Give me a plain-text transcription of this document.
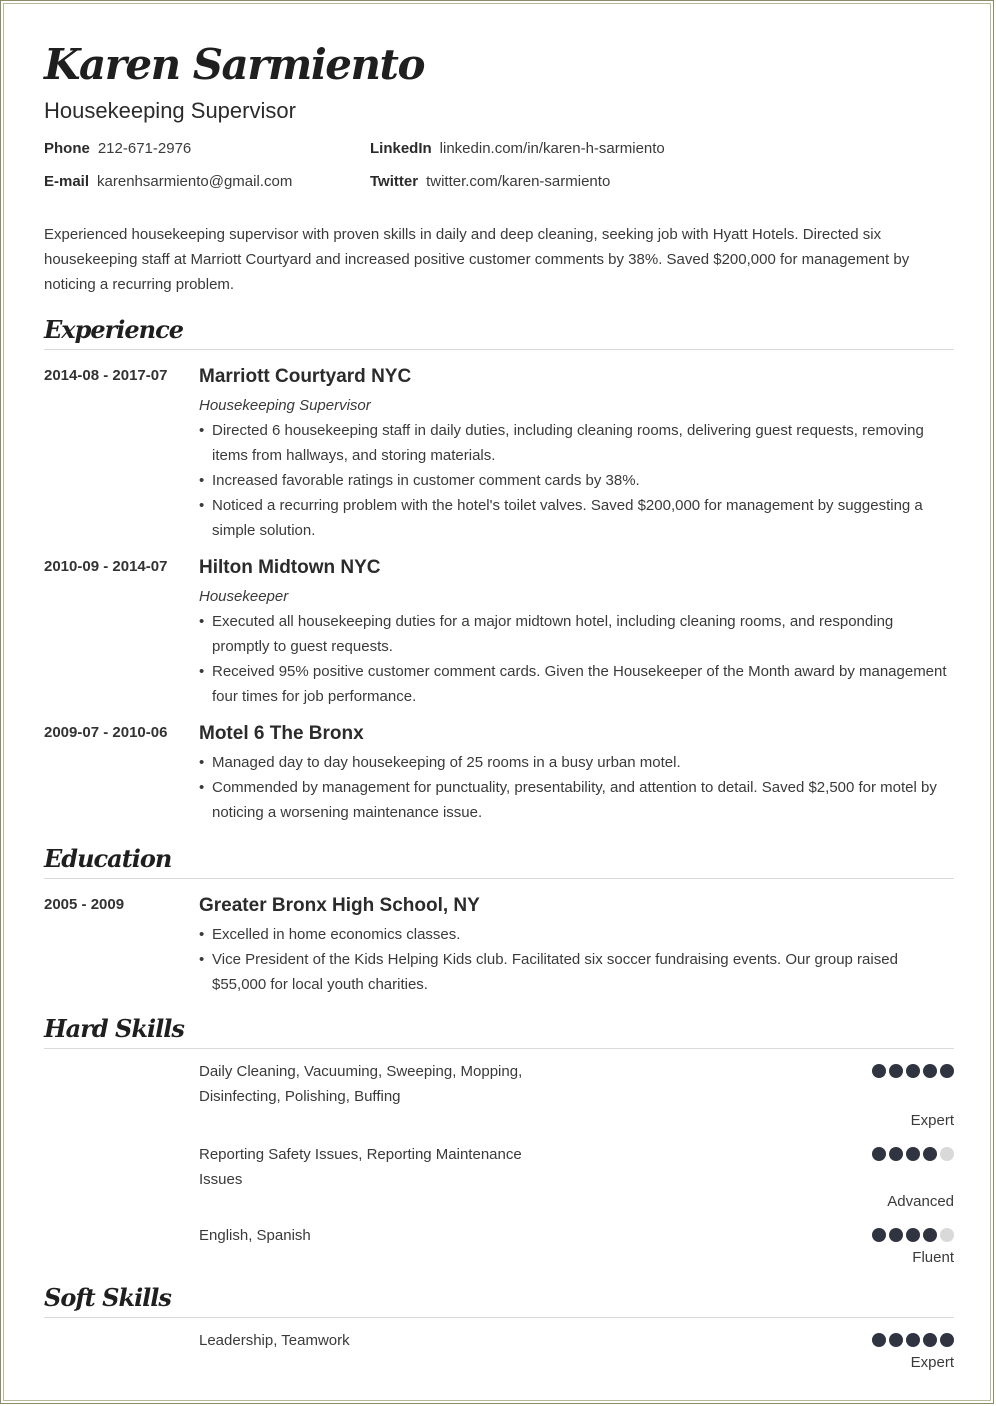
Karen Sarmiento
Housekeeping Supervisor
Phone 212-671-2976	LinkedIn linkedin.com/in/karen-h-sarmiento
E-mail karenhsarmiento@gmail.com	Twitter twitter.com/karen-sarmiento
Experienced housekeeping supervisor with proven skills in daily and deep cleaning, seeking job with Hyatt Hotels. Directed six housekeeping staff at Marriott Courtyard and increased positive customer comments by 38%. Saved $200,000 for management by noticing a recurring problem.
Experience
2014-08 - 2017-07 Marriott Courtyard NYC
Housekeeping Supervisor
• Directed 6 housekeeping staff in daily duties, including cleaning rooms, delivering guest requests, removing items from hallways, and storing materials.
• Increased favorable ratings in customer comment cards by 38%.
• Noticed a recurring problem with the hotel's toilet valves. Saved $200,000 for management by suggesting a simple solution.
2010-09 - 2014-07 Hilton Midtown NYC
Housekeeper
• Executed all housekeeping duties for a major midtown hotel, including cleaning rooms, and responding promptly to guest requests.
• Received 95% positive customer comment cards. Given the Housekeeper of the Month award by management four times for job performance.
2009-07 - 2010-06 Motel 6 The Bronx
• Managed day to day housekeeping of 25 rooms in a busy urban motel.
• Commended by management for punctuality, presentability, and attention to detail. Saved $2,500 for motel by noticing a worsening maintenance issue.
Education
2005 - 2009	Greater Bronx High School, NY
• Excelled in home economics classes.
• Vice President of the Kids Helping Kids club. Facilitated six soccer fundraising events. Our group raised $55,000 for local youth charities.
Hard Skills
Daily Cleaning, Vacuuming, Sweeping, Mopping, Disinfecting, Polishing, Buffing
Expert
Reporting Safety Issues, Reporting Maintenance Issues
Advanced
English, Spanish
Fluent
Soft Skills
Leadership, Teamwork
Expert
